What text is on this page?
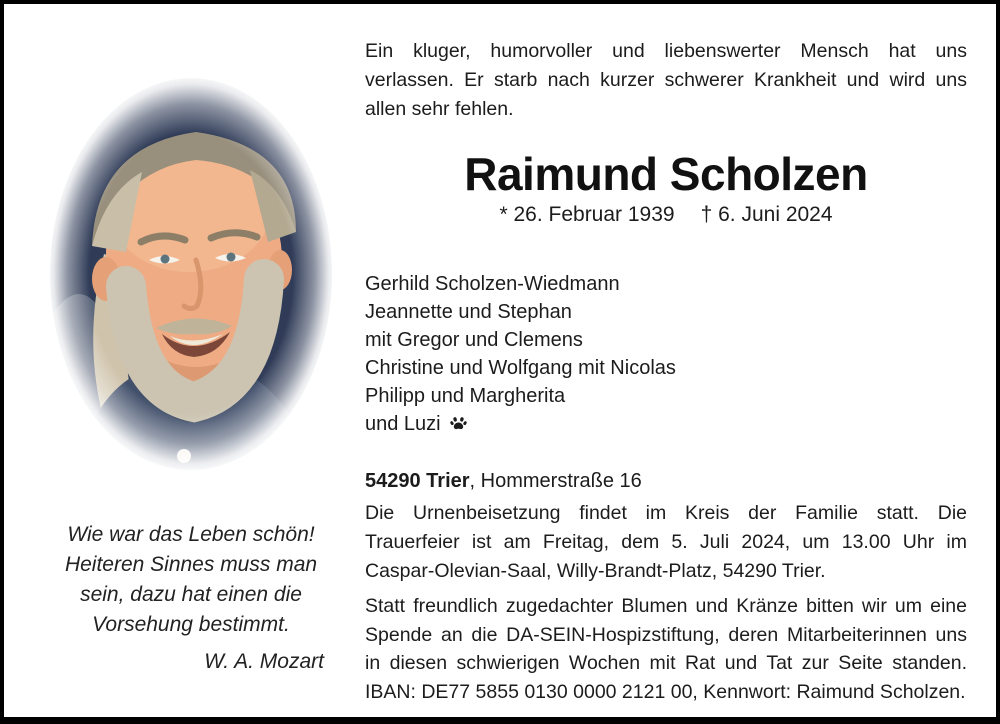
Wie war das Leben schön!
Heiteren Sinnes muss man
sein, dazu hat einen die
Vorsehung bestimmt.
W. A. Mozart
Ein kluger, humorvoller und liebenswerter Mensch hat uns
verlassen. Er starb nach kurzer schwerer Krankheit und wird uns
allen sehr fehlen.
Raimund Scholzen
* 26. Februar 1939 † 6. Juni 2024
Gerhild Scholzen-Wiedmann
Jeannette und Stephan
mit Gregor und Clemens
Christine und Wolfgang mit Nicolas
Philipp und Margherita
und Luzi
54290 Trier, Hommerstraße 16
Die Urnenbeisetzung findet im Kreis der Familie statt. Die
Trauerfeier ist am Freitag, dem 5. Juli 2024, um 13.00 Uhr im
Caspar-Olevian-Saal, Willy-Brandt-Platz, 54290 Trier.
Statt freundlich zugedachter Blumen und Kränze bitten wir um eine
Spende an die DA-SEIN-Hospizstiftung, deren Mitarbeiterinnen uns
in diesen schwierigen Wochen mit Rat und Tat zur Seite standen.
IBAN: DE77 5855 0130 0000 2121 00, Kennwort: Raimund Scholzen.
